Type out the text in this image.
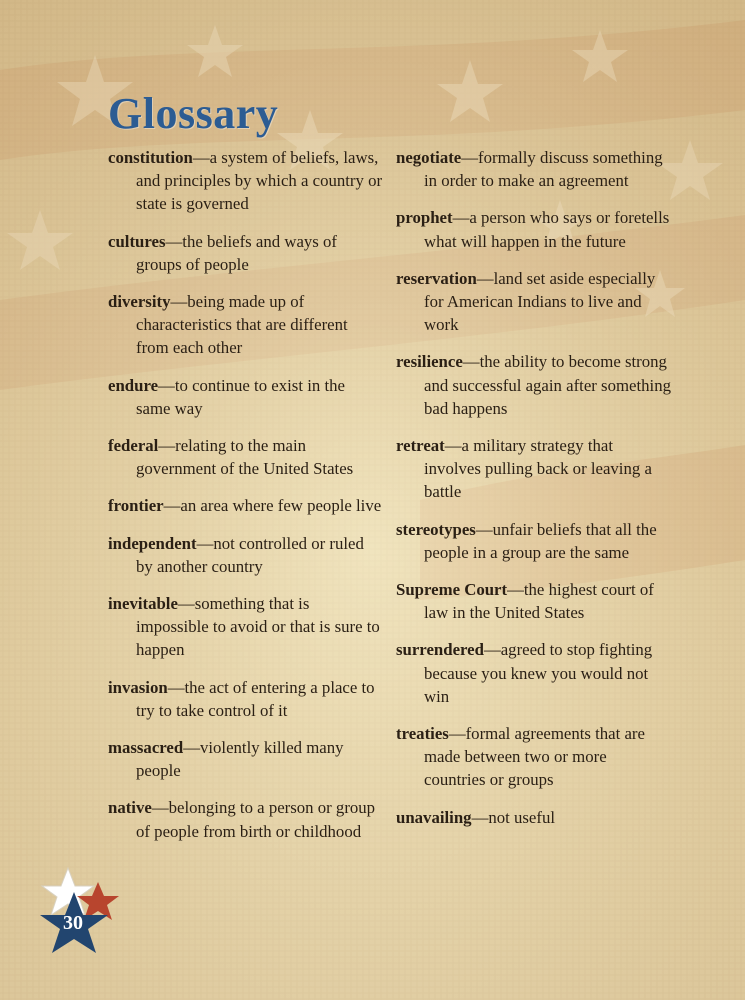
Glossary

constitution—a system of beliefs, laws, and principles by which a country or state is governed

cultures—the beliefs and ways of groups of people

diversity—being made up of characteristics that are different from each other

endure—to continue to exist in the same way

federal—relating to the main government of the United States

frontier—an area where few people live

independent—not controlled or ruled by another country

inevitable—something that is impossible to avoid or that is sure to happen

invasion—the act of entering a place to try to take control of it

massacred—violently killed many people

native—belonging to a person or group of people from birth or childhood

negotiate—formally discuss something in order to make an agreement

prophet—a person who says or foretells what will happen in the future

reservation—land set aside especially for American Indians to live and work

resilience—the ability to become strong and successful again after something bad happens

retreat—a military strategy that involves pulling back or leaving a battle

stereotypes—unfair beliefs that all the people in a group are the same

Supreme Court—the highest court of law in the United States

surrendered—agreed to stop fighting because you knew you would not win

treaties—formal agreements that are made between two or more countries or groups

unavailing—not useful

30
